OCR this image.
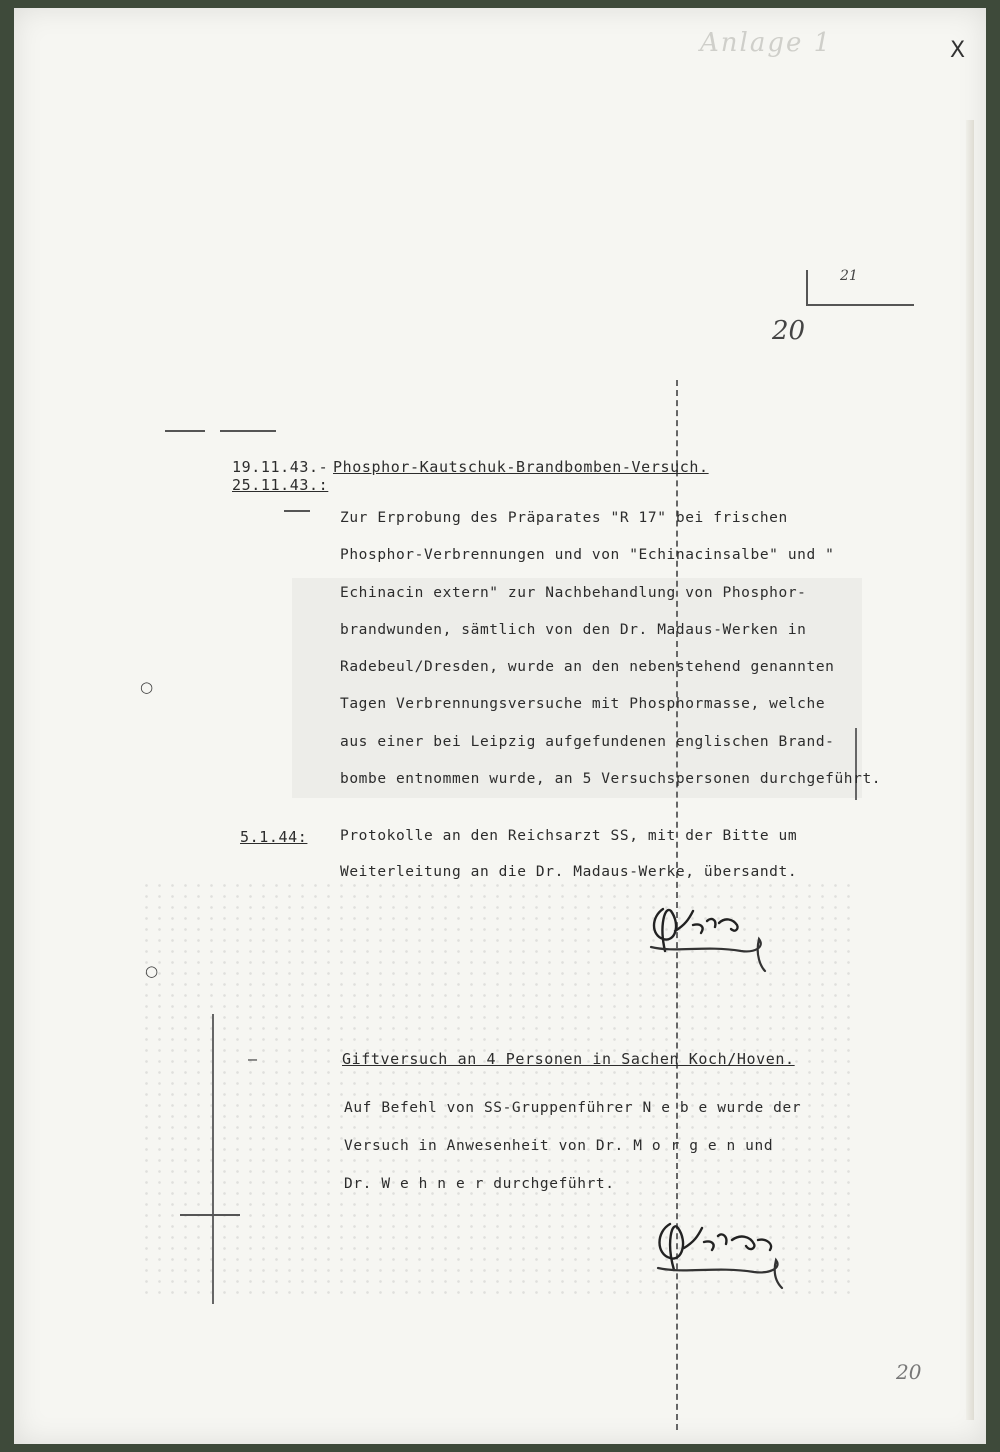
X
Anlage 1
21
20
20
19.11.43.-
25.11.43.:
Phosphor-Kautschuk-Brandbomben-Versuch.
Zur Erprobung des Präparates "R 17" bei frischen
Phosphor-Verbrennungen und von "Echinacinsalbe" und "
Echinacin extern" zur Nachbehandlung von Phosphor-
brandwunden, sämtlich von den Dr. Madaus-Werken in
Radebeul/Dresden, wurde an den nebenstehend genannten
Tagen Verbrennungsversuche mit Phosphormasse, welche
aus einer bei Leipzig aufgefundenen englischen Brand-
bombe entnommen wurde, an 5 Versuchspersonen durchgeführt.
○
5.1.44: Protokolle an den Reichsarzt SS, mit der Bitte um
Weiterleitung an die Dr. Madaus-Werke, übersandt.
○
—	Giftversuch an 4 Personen in Sachen Koch/Hoven.
Auf Befehl von SS-Gruppenführer N e b e wurde der
Versuch in Anwesenheit von Dr. M o r g e n und
Dr. W e h n e r durchgeführt.
